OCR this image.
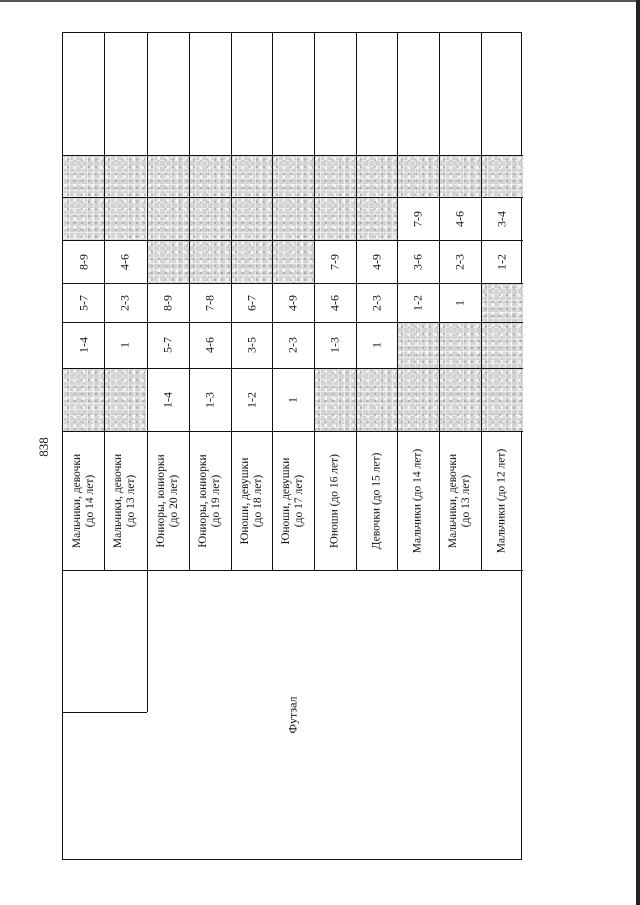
838
Мальчики, девочки (до 14 лет)
1-4
5-7
8-9
Мальчики, девочки (до 13 лет)
1
2-3
4-6
Юниоры, юниорки (до 20 лет)
1-4
5-7
8-9
Юниоры, юниорки (до 19 лет)
1-3
4-6
7-8
Юноши, девушки (до 18 лет)
1-2
3-5
6-7
Юноши, девушки (до 17 лет)
1
2-3
4-9
Юноши (до 16 лет)
1-3
4-6
7-9
Девочки (до 15 лет)
1
2-3
4-9
Мальчики (до 14 лет)
1-2
3-6
7-9
Мальчики, девочки (до 13 лет)
1
2-3
4-6
Мальчики (до 12 лет)
1-2
3-4
Футзал
